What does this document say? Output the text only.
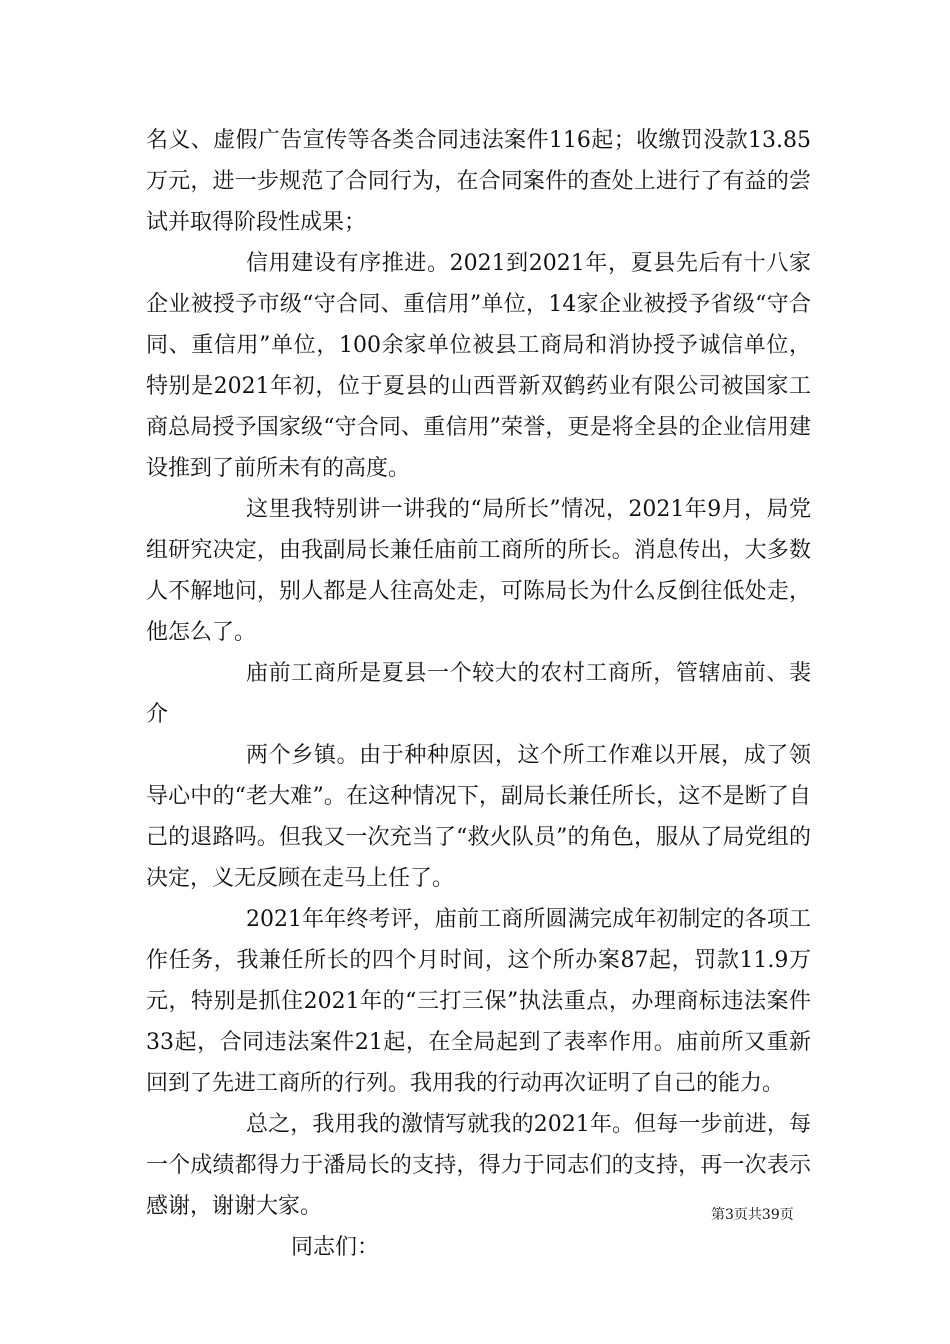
名义、虚假广告宣传等各类合同违法案件116起；收缴罚没款13.85万元，进一步规范了合同行为，在合同案件的查处上进行了有益的尝试并取得阶段性成果；

信用建设有序推进。2021到2021年，夏县先后有十八家企业被授予市级“守合同、重信用”单位，14家企业被授予省级“守合同、重信用”单位，100余家单位被县工商局和消协授予诚信单位，特别是2021年初，位于夏县的山西晋新双鹤药业有限公司被国家工商总局授予国家级“守合同、重信用”荣誉，更是将全县的企业信用建设推到了前所未有的高度。

这里我特别讲一讲我的“局所长”情况，2021年9月，局党组研究决定，由我副局长兼任庙前工商所的所长。消息传出，大多数人不解地问，别人都是人往高处走，可陈局长为什么反倒往低处走，他怎么了。

庙前工商所是夏县一个较大的农村工商所，管辖庙前、裴介

两个乡镇。由于种种原因，这个所工作难以开展，成了领导心中的“老大难”。在这种情况下，副局长兼任所长，这不是断了自己的退路吗。但我又一次充当了“救火队员”的角色，服从了局党组的决定，义无反顾在走马上任了。

2021年年终考评，庙前工商所圆满完成年初制定的各项工作任务，我兼任所长的四个月时间，这个所办案87起，罚款11.9万元，特别是抓住2021年的“三打三保”执法重点，办理商标违法案件33起，合同违法案件21起，在全局起到了表率作用。庙前所又重新回到了先进工商所的行列。我用我的行动再次证明了自己的能力。

总之，我用我的激情写就我的2021年。但每一步前进，每一个成绩都得力于潘局长的支持，得力于同志们的支持，再一次表示感谢，谢谢大家。

同志们：

第3页共39页
